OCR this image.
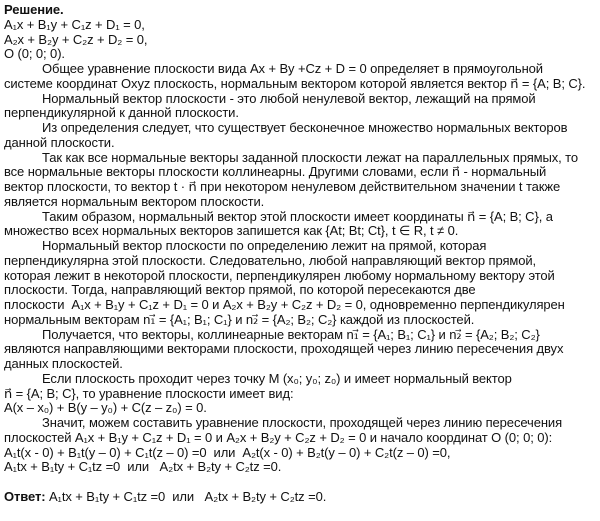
Решение.
A₁x + B₁y + C₁z + D₁ = 0,
A₂x + B₂y + C₂z + D₂ = 0,
O (0; 0; 0).
Общее уравнение плоскости вида Ax + By +Cz + D = 0 определяет в прямоугольной
системе координат Oxyz плоскость, нормальным вектором которой является вектор n⃗ = {A; B; C}.
Нормальный вектор плоскости - это любой ненулевой вектор, лежащий на прямой
перпендикулярной к данной плоскости.
Из определения следует, что существует бесконечное множество нормальных векторов
данной плоскости.
Так как все нормальные векторы заданной плоскости лежат на параллельных прямых, то
все нормальные векторы плоскости коллинеарны. Другими словами, если n⃗ - нормальный
вектор плоскости, то вектор t · n⃗ при некотором ненулевом действительном значении t также
является нормальным вектором плоскости.
Таким образом, нормальный вектор этой плоскости имеет координаты n⃗ = {A; B; C}, а
множество всех нормальных векторов запишется как {At; Bt; Ct}, t ∈ R, t ≠ 0.
Нормальный вектор плоскости по определению лежит на прямой, которая
перпендикулярна этой плоскости. Следовательно, любой направляющий вектор прямой,
которая лежит в некоторой плоскости, перпендикулярен любому нормальному вектору этой
плоскости. Тогда, направляющий вектор прямой, по которой пересекаются две
плоскости  A₁x + B₁y + C₁z + D₁ = 0 и A₂x + B₂y + C₂z + D₂ = 0, одновременно перпендикулярен
нормальным векторам n₁⃗ = {A₁; B₁; C₁} и n₂⃗ = {A₂; B₂; C₂} каждой из плоскостей.
Получается, что векторы, коллинеарные векторам n₁⃗ = {A₁; B₁; C₁} и n₂⃗ = {A₂; B₂; C₂}
являются направляющими векторами плоскости, проходящей через линию пересечения двух
данных плоскостей.
Если плоскость проходит через точку M (x₀; y₀; z₀) и имеет нормальный вектор
n⃗ = {A; B; C}, то уравнение плоскости имеет вид:
A(x – x₀) + B(y – y₀) + C(z – z₀) = 0.
Значит, можем составить уравнение плоскости, проходящей через линию пересечения
плоскостей A₁x + B₁y + C₁z + D₁ = 0 и A₂x + B₂y + C₂z + D₂ = 0 и начало координат O (0; 0; 0):
A₁t(x - 0) + B₁t(y – 0) + C₁t(z – 0) =0  или  A₂t(x - 0) + B₂t(y – 0) + C₂t(z – 0) =0,
A₁tx + B₁ty + C₁tz =0  или   A₂tx + B₂ty + C₂tz =0.
Ответ: A₁tx + B₁ty + C₁tz =0  или   A₂tx + B₂ty + C₂tz =0.
